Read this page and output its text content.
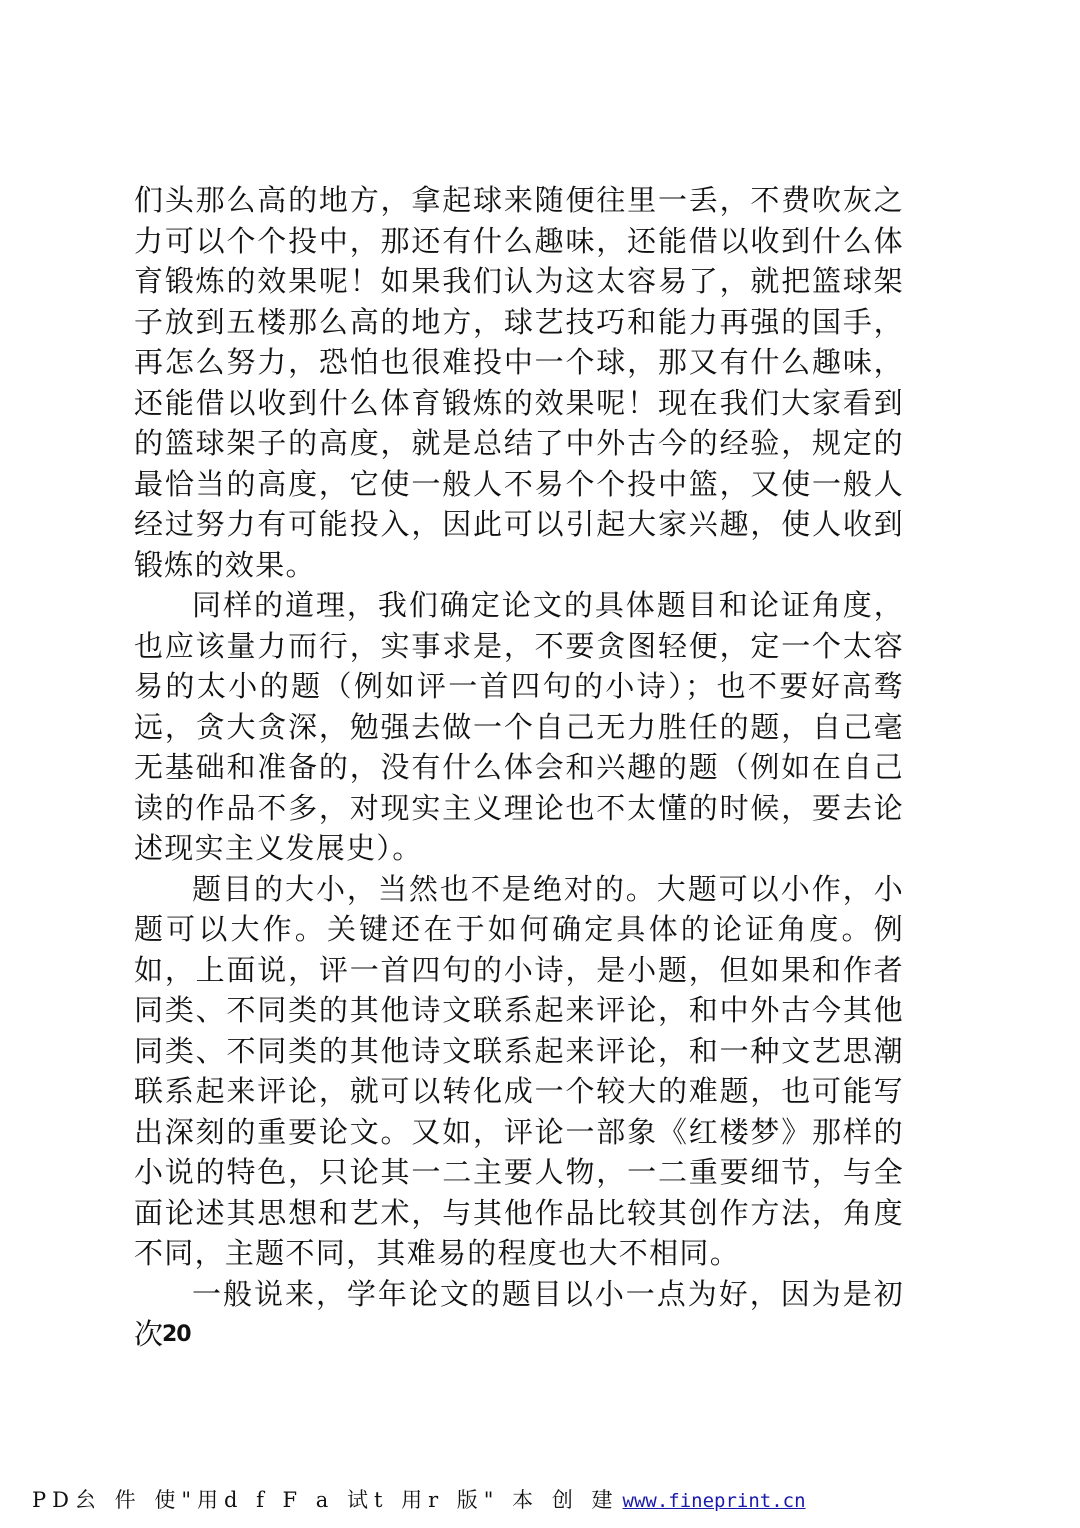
们头那么高的地方，拿起球来随便往里一丢，不费吹灰之力可以个个投中，那还有什么趣味，还能借以收到什么体育锻炼的效果呢！如果我们认为这太容易了，就把篮球架子放到五楼那么高的地方，球艺技巧和能力再强的国手，再怎么努力，恐怕也很难投中一个球，那又有什么趣味，还能借以收到什么体育锻炼的效果呢！现在我们大家看到的篮球架子的高度，就是总结了中外古今的经验，规定的最恰当的高度，它使一般人不易个个投中篮，又使一般人经过努力有可能投入，因此可以引起大家兴趣，使人收到锻炼的效果。

同样的道理，我们确定论文的具体题目和论证角度，也应该量力而行，实事求是，不要贪图轻便，定一个太容易的太小的题（例如评一首四句的小诗）；也不要好高骛远，贪大贪深，勉强去做一个自己无力胜任的题，自己毫无基础和准备的，没有什么体会和兴趣的题（例如在自己读的作品不多，对现实主义理论也不太懂的时候，要去论述现实主义发展史）。

题目的大小，当然也不是绝对的。大题可以小作，小题可以大作。关键还在于如何确定具体的论证角度。例如，上面说，评一首四句的小诗，是小题，但如果和作者同类、不同类的其他诗文联系起来评论，和中外古今其他同类、不同类的其他诗文联系起来评论，和一种文艺思潮联系起来评论，就可以转化成一个较大的难题，也可能写出深刻的重要论文。又如，评论一部象《红楼梦》那样的小说的特色，只论其一二主要人物，一二重要细节，与全面论述其思想和艺术，与其他作品比较其创作方法，角度不同，主题不同，其难易的程度也大不相同。

一般说来，学年论文的题目以小一点为好，因为是初次

20
PD㕕 件 使"用d f F a 试t 用r 版" 本 创 建 www.fineprint.cn
